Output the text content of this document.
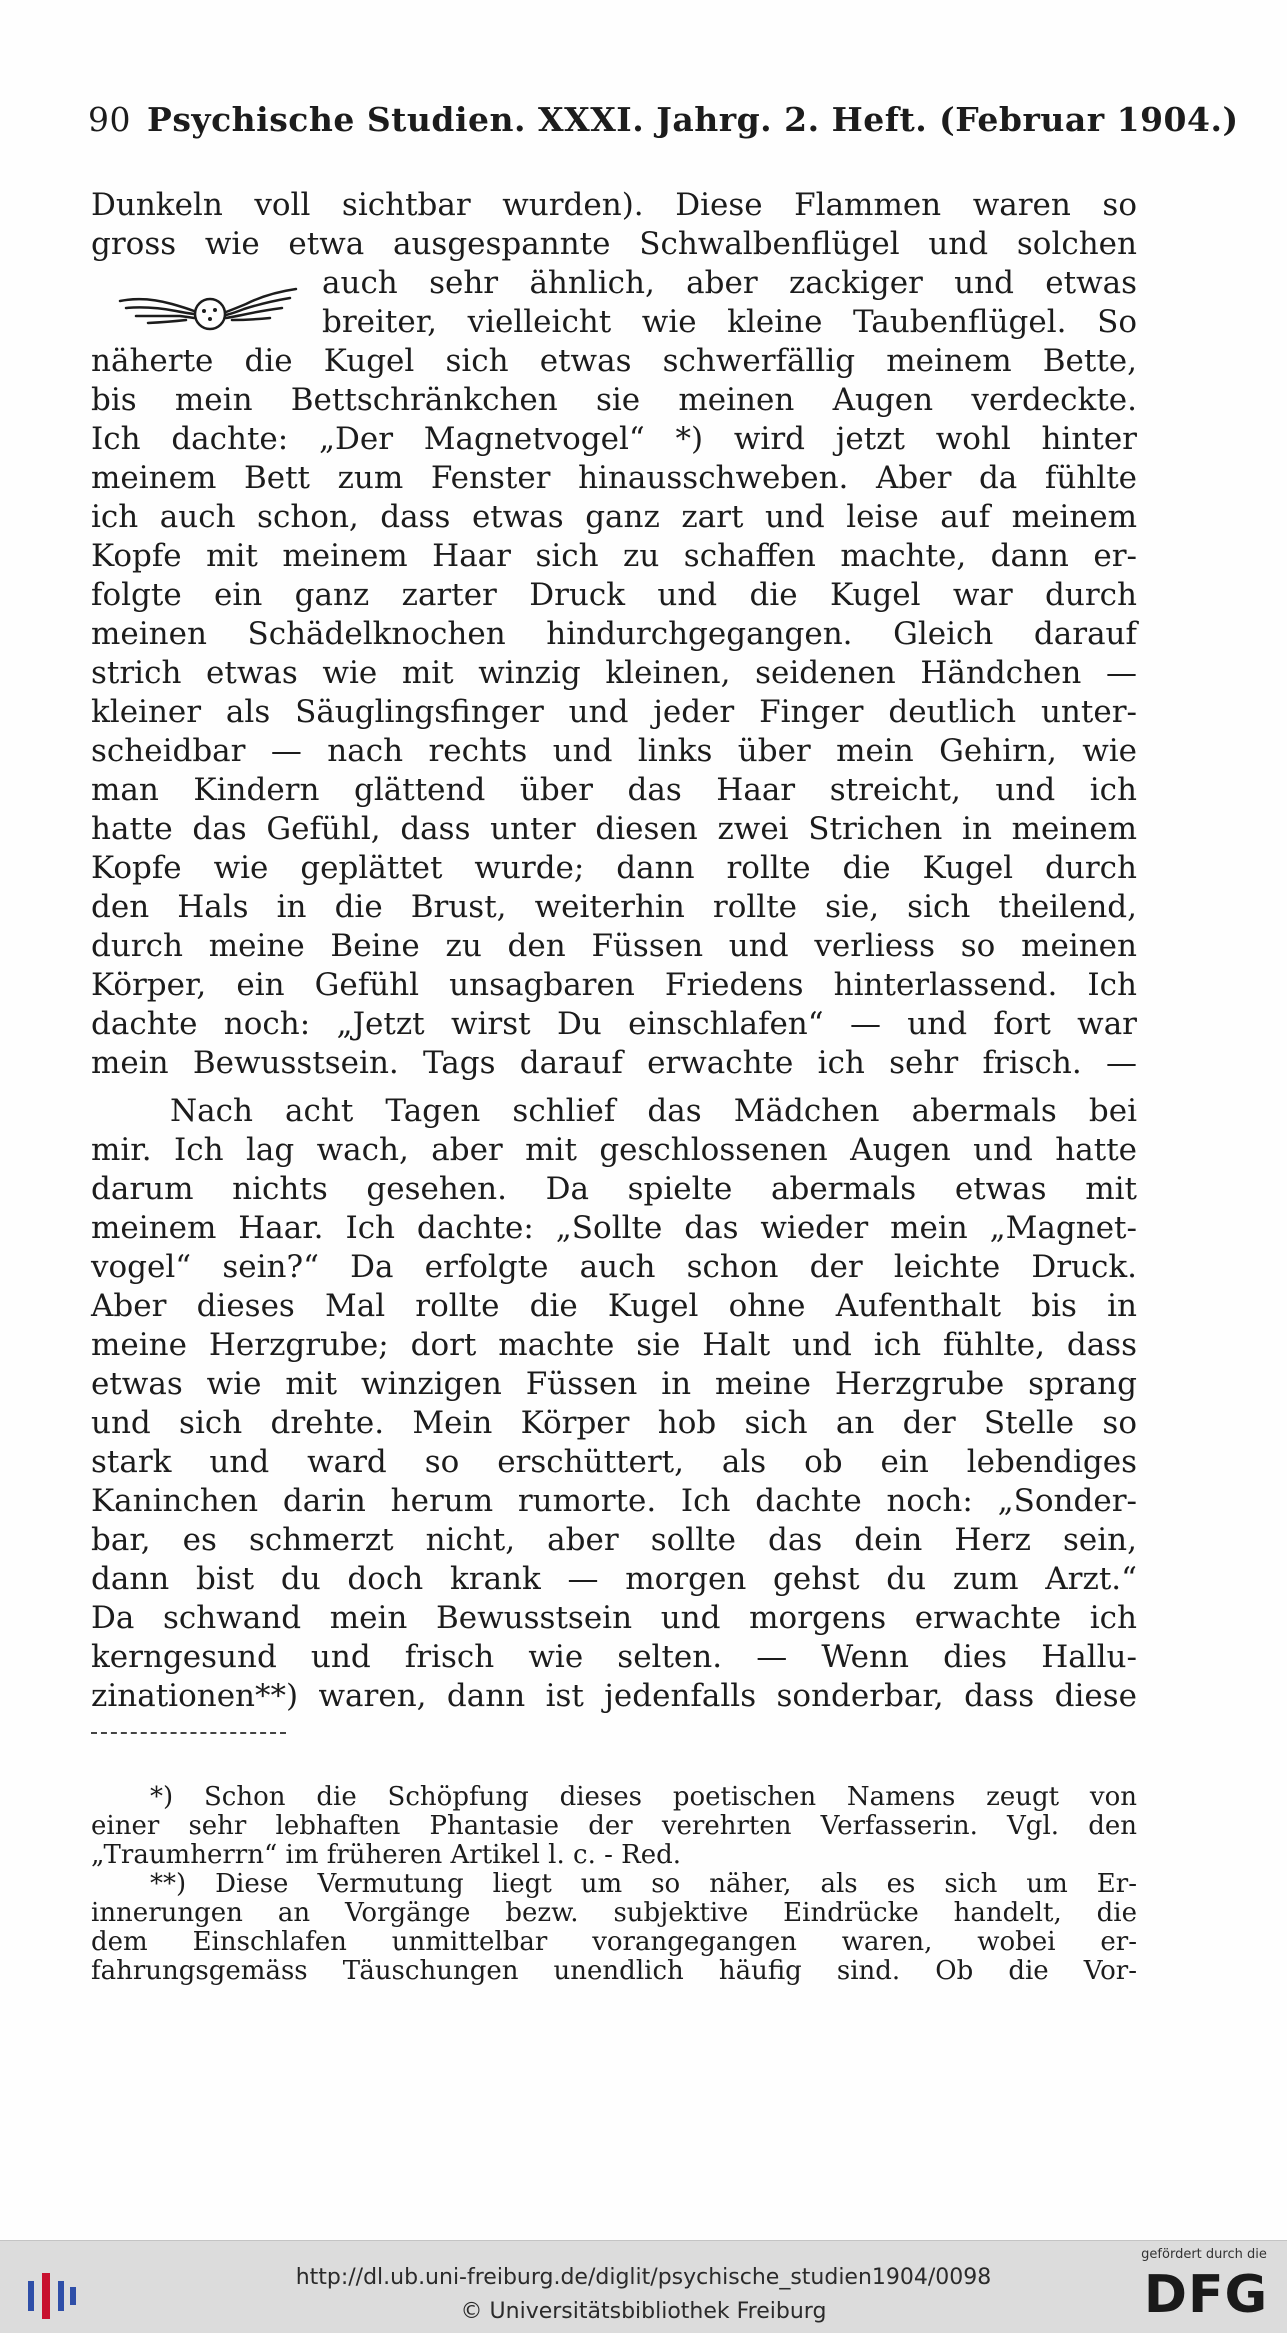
90 Psychische Studien. XXXI. Jahrg. 2. Heft. (Februar 1904.)
Dunkeln voll sichtbar wurden). Diese Flammen waren so
gross wie etwa ausgespannte Schwalbenflügel und solchen
auch sehr ähnlich, aber zackiger und etwas
breiter, vielleicht wie kleine Taubenflügel. So
näherte die Kugel sich etwas schwerfällig meinem Bette,
bis mein Bettschränkchen sie meinen Augen verdeckte.
Ich dachte: „Der Magnetvogel“ *) wird jetzt wohl hinter
meinem Bett zum Fenster hinausschweben. Aber da fühlte
ich auch schon, dass etwas ganz zart und leise auf meinem
Kopfe mit meinem Haar sich zu schaffen machte, dann er-
folgte ein ganz zarter Druck und die Kugel war durch
meinen Schädelknochen hindurchgegangen. Gleich darauf
strich etwas wie mit winzig kleinen, seidenen Händchen —
kleiner als Säuglingsfinger und jeder Finger deutlich unter-
scheidbar — nach rechts und links über mein Gehirn, wie
man Kindern glättend über das Haar streicht, und ich
hatte das Gefühl, dass unter diesen zwei Strichen in meinem
Kopfe wie geplättet wurde; dann rollte die Kugel durch
den Hals in die Brust, weiterhin rollte sie, sich theilend,
durch meine Beine zu den Füssen und verliess so meinen
Körper, ein Gefühl unsagbaren Friedens hinterlassend. Ich
dachte noch: „Jetzt wirst Du einschlafen“ — und fort war
mein Bewusstsein. Tags darauf erwachte ich sehr frisch. —
Nach acht Tagen schlief das Mädchen abermals bei
mir. Ich lag wach, aber mit geschlossenen Augen und hatte
darum nichts gesehen. Da spielte abermals etwas mit
meinem Haar. Ich dachte: „Sollte das wieder mein „Magnet-
vogel“ sein?“ Da erfolgte auch schon der leichte Druck.
Aber dieses Mal rollte die Kugel ohne Aufenthalt bis in
meine Herzgrube; dort machte sie Halt und ich fühlte, dass
etwas wie mit winzigen Füssen in meine Herzgrube sprang
und sich drehte. Mein Körper hob sich an der Stelle so
stark und ward so erschüttert, als ob ein lebendiges
Kaninchen darin herum rumorte. Ich dachte noch: „Sonder-
bar, es schmerzt nicht, aber sollte das dein Herz sein,
dann bist du doch krank — morgen gehst du zum Arzt.“
Da schwand mein Bewusstsein und morgens erwachte ich
kerngesund und frisch wie selten. — Wenn dies Hallu-
zinationen**) waren, dann ist jedenfalls sonderbar, dass diese
*) Schon die Schöpfung dieses poetischen Namens zeugt von
einer sehr lebhaften Phantasie der verehrten Verfasserin. Vgl. den
„Traumherrn“ im früheren Artikel l. c. - Red.
**) Diese Vermutung liegt um so näher, als es sich um Er-
innerungen an Vorgänge bezw. subjektive Eindrücke handelt, die
dem Einschlafen unmittelbar vorangegangen waren, wobei er-
fahrungsgemäss Täuschungen unendlich häufig sind. Ob die Vor-
http://dl.ub.uni-freiburg.de/diglit/psychische_studien1904/0098
© Universitätsbibliothek Freiburg
gefördert durch die
DFG
